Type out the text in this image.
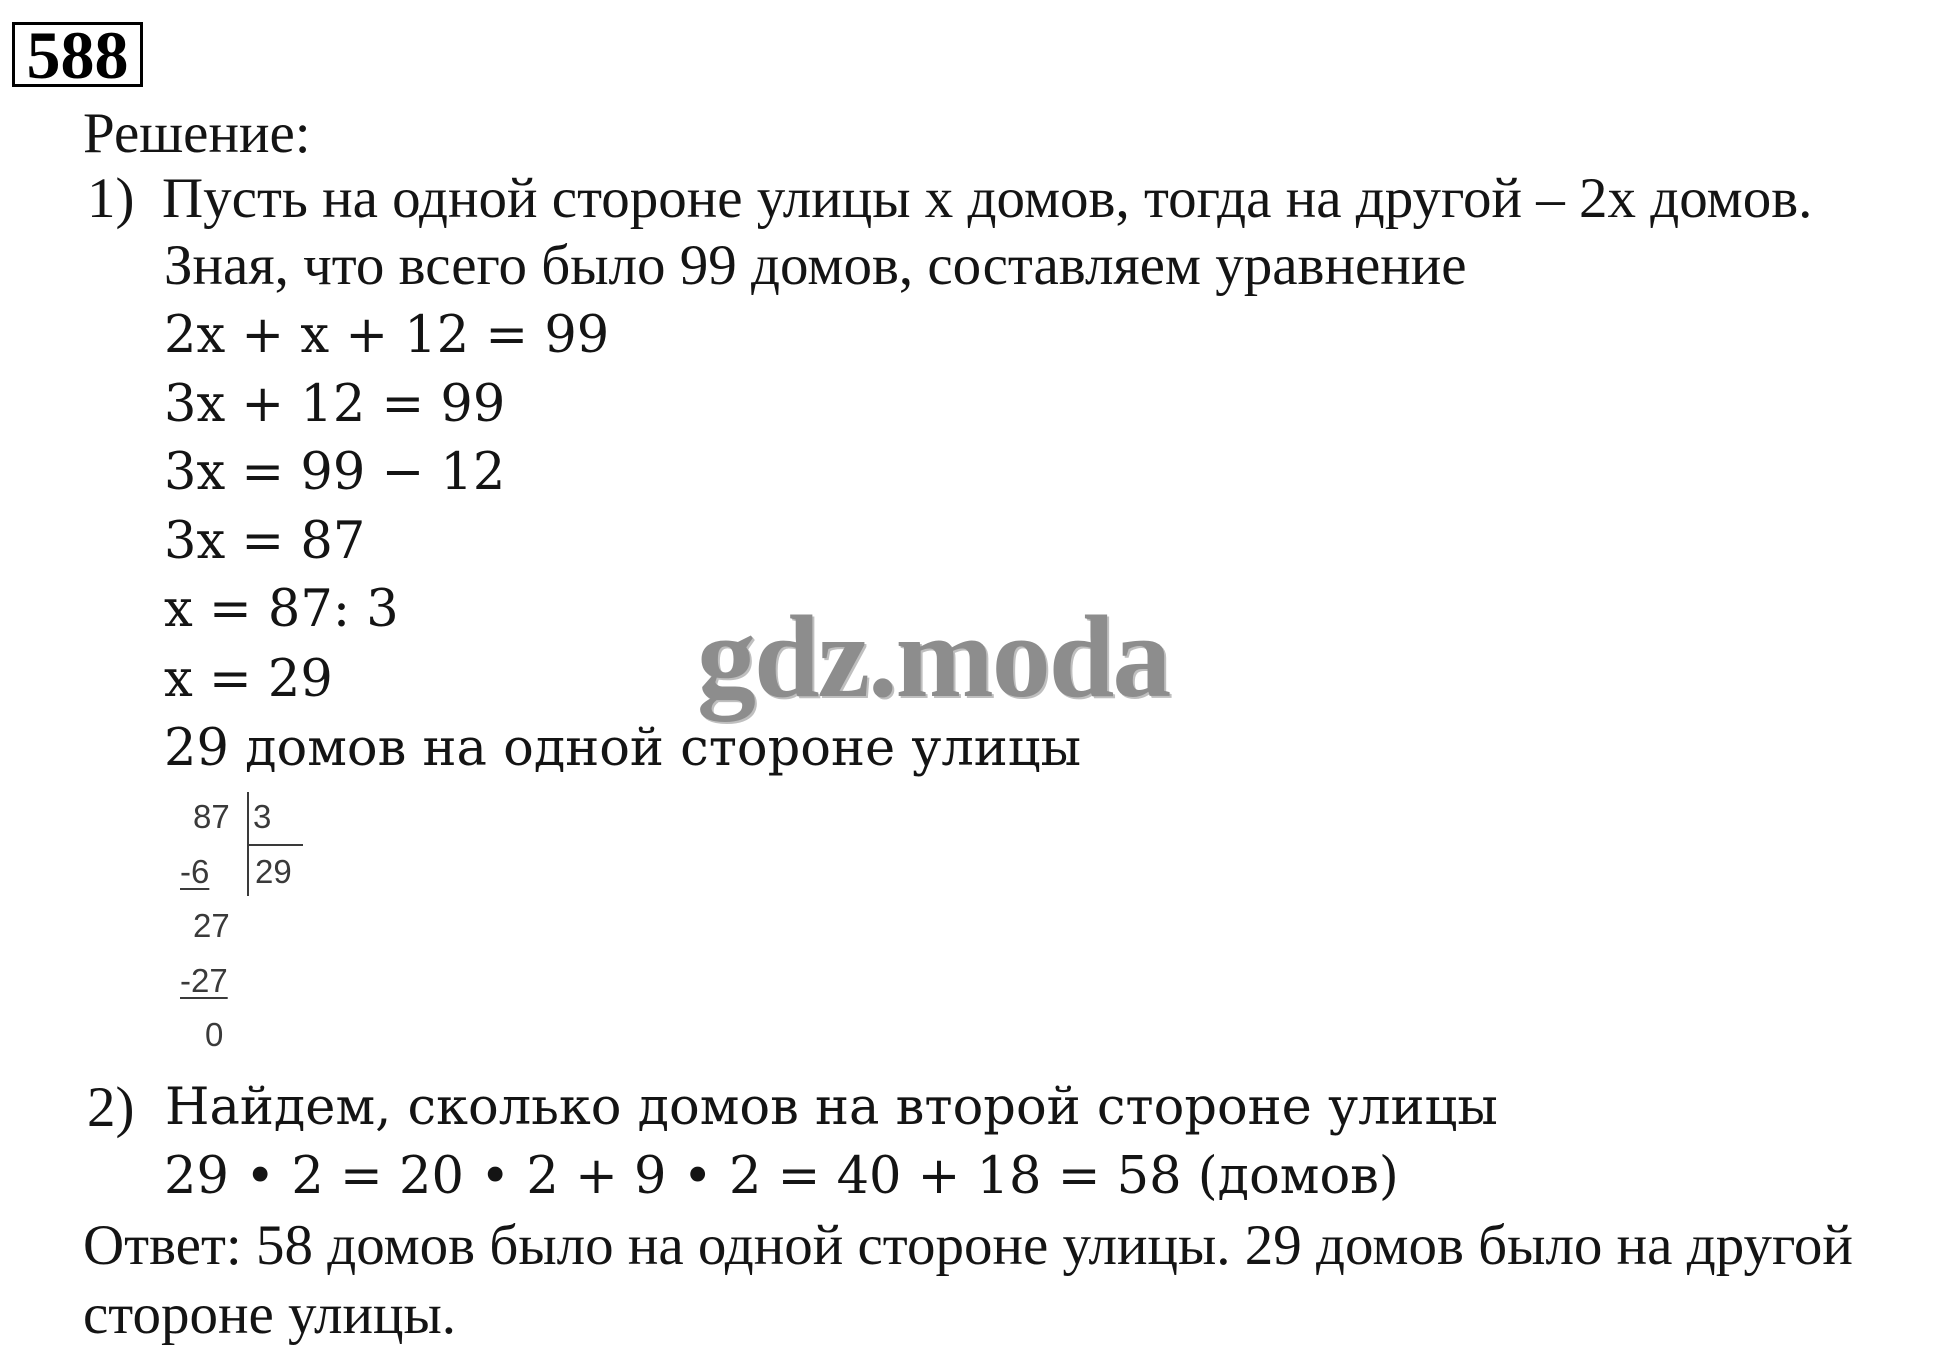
588
Решение:
1) Пусть на одной стороне улицы x домов, тогда на другой – 2x домов.
Зная, что всего было 99 домов, составляем уравнение
2x + x + 12 = 99
3x + 12 = 99
3x = 99 − 12
3x = 87
x = 87: 3
x = 29
29 домов на одной стороне улицы
87 3
-6 29
27
-27
0
2) Найдем, сколько домов на второй стороне улицы
29 • 2 = 20 • 2 + 9 • 2 = 40 + 18 = 58 (домов)
Ответ: 58 домов было на одной стороне улицы. 29 домов было на другой
стороне улицы.
gdz.moda
